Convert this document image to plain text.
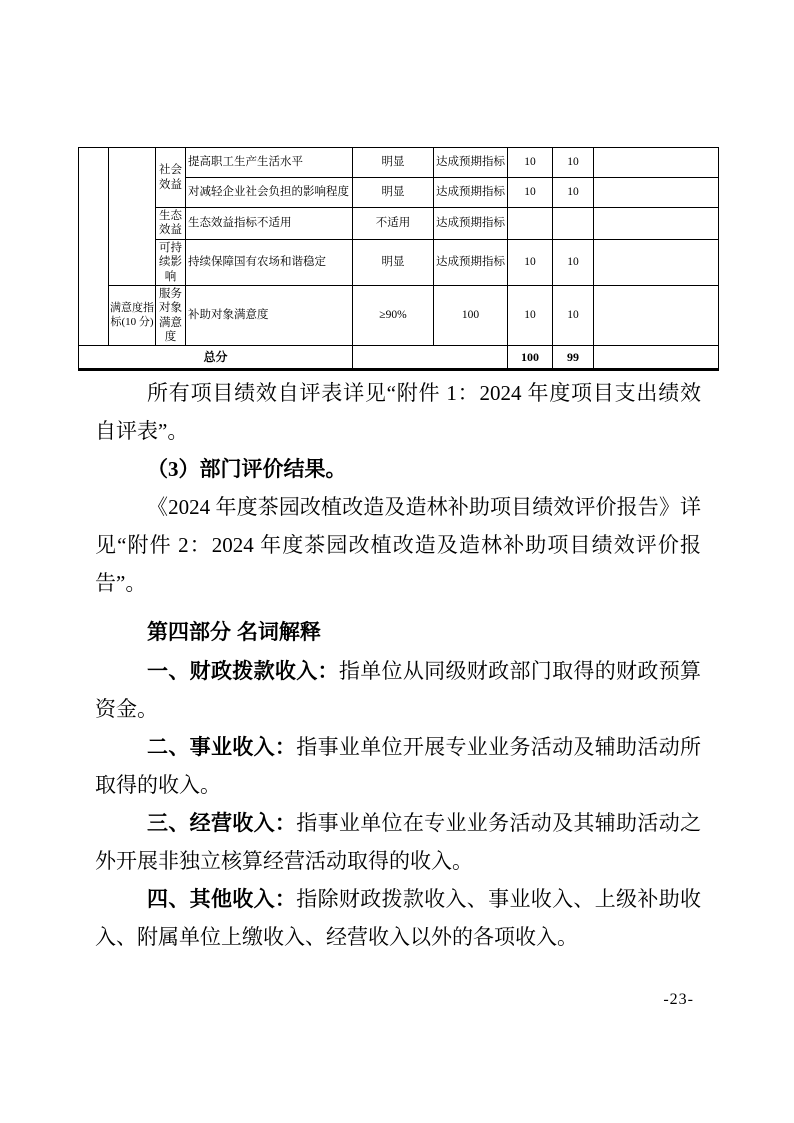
		社会效益	提高职工生产生活水平	明显	达成预期指标	10	10	
			对减轻企业社会负担的影响程度	明显	达成预期指标	10	10	
		生态效益	生态效益指标不适用	不适用	达成预期指标			
		可持续影响	持续保障国有农场和谐稳定	明显	达成预期指标	10	10	
	满意度指标(10 分)	服务对象满意度	补助对象满意度	≥90%	100	10	10	
总分						100	99	

所有项目绩效自评表详见“附件 1：2024 年度项目支出绩效自评表”。

（3）部门评价结果。

《2024 年度茶园改植改造及造林补助项目绩效评价报告》详见“附件 2：2024 年度茶园改植改造及造林补助项目绩效评价报告”。

第四部分 名词解释

一、财政拨款收入：指单位从同级财政部门取得的财政预算资金。

二、事业收入：指事业单位开展专业业务活动及辅助活动所取得的收入。

三、经营收入：指事业单位在专业业务活动及其辅助活动之外开展非独立核算经营活动取得的收入。

四、其他收入：指除财政拨款收入、事业收入、上级补助收入、附属单位上缴收入、经营收入以外的各项收入。

-23-
